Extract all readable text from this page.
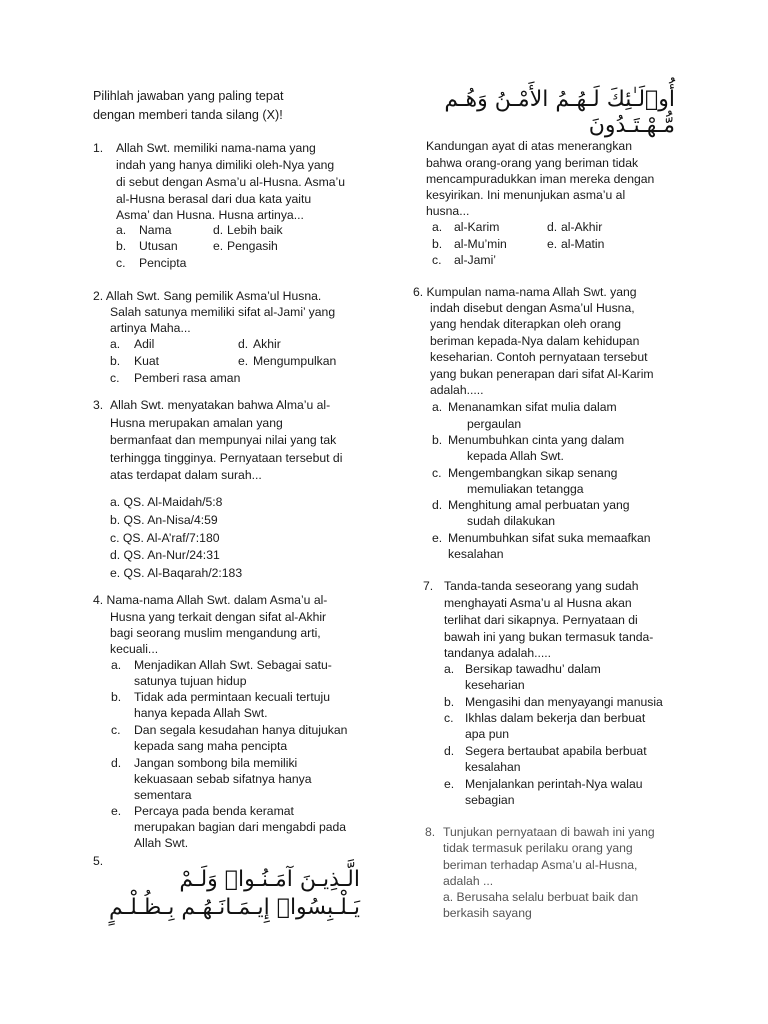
Pilihlah jawaban yang paling tepat
dengan memberi tanda silang (X)!
1. Allah Swt. memiliki nama-nama yang
indah yang hanya dimiliki oleh-Nya yang
di sebut dengan Asma’u al-Husna. Asma’u
al-Husna berasal dari dua kata yaitu
Asma’ dan Husna. Husna artinya...
a. Nama	d. Lebih baik
b. Utusan	e. Pengasih
c. Pencipta
2. Allah Swt. Sang pemilik Asma’ul Husna.
Salah satunya memiliki sifat al-Jami’ yang
artinya Maha...
a. Adil	d. Akhir
b. Kuat	e. Mengumpulkan
c. Pemberi rasa aman
3. Allah Swt. menyatakan bahwa Alma’u al-
Husna merupakan amalan yang
bermanfaat dan mempunyai nilai yang tak
terhingga tingginya. Pernyataan tersebut di
atas terdapat dalam surah...
a. QS. Al-Maidah/5:8
b. QS. An-Nisa/4:59
c. QS. Al-A’raf/7:180
d. QS. An-Nur/24:31
e. QS. Al-Baqarah/2:183
4. Nama-nama Allah Swt. dalam Asma’u al-
Husna yang terkait dengan sifat al-Akhir
bagi seorang muslim mengandung arti,
kecuali...
a. Menjadikan Allah Swt. Sebagai satu-
satunya tujuan hidup
b. Tidak ada permintaan kecuali tertuju
hanya kepada Allah Swt.
c. Dan segala kesudahan hanya ditujukan
kepada sang maha pencipta
d. Jangan sombong bila memiliki
kekuasaan sebab sifatnya hanya
sementara
e. Percaya pada benda keramat
merupakan bagian dari mengabdi pada
Allah Swt.
5.
الَّـذِيـنَ آمَـنُـوا۟ وَلَـمْ
يَـلْـبِسُوا۟ إِيـمَـانَـهُـم بِـظُـلْـمٍ
أُو۟لَـٰئِكَ لَـهُـمُ الأَمْـنُ وَهُـم
مُّـهْـتَـدُونَ
Kandungan ayat di atas menerangkan
bahwa orang-orang yang beriman tidak
mencampuradukkan iman mereka dengan
kesyirikan. Ini menunjukan asma’u al
husna...
a. al-Karim	d. al-Akhir
b. al-Mu’min	e. al-Matin
c. al-Jami’
6. Kumpulan nama-nama Allah Swt. yang
indah disebut dengan Asma’ul Husna,
yang hendak diterapkan oleh orang
beriman kepada-Nya dalam kehidupan
keseharian. Contoh pernyataan tersebut
yang bukan penerapan dari sifat Al-Karim
adalah.....
a. Menanamkan sifat mulia dalam
pergaulan
b. Menumbuhkan cinta yang dalam
kepada Allah Swt.
c. Mengembangkan sikap senang
memuliakan tetangga
d. Menghitung amal perbuatan yang
sudah dilakukan
e. Menumbuhkan sifat suka memaafkan
kesalahan
7. Tanda-tanda seseorang yang sudah
menghayati Asma’u al Husna akan
terlihat dari sikapnya. Pernyataan di
bawah ini yang bukan termasuk tanda-
tandanya adalah.....
a. Bersikap tawadhu’ dalam
keseharian
b. Mengasihi dan menyayangi manusia
c. Ikhlas dalam bekerja dan berbuat
apa pun
d. Segera bertaubat apabila berbuat
kesalahan
e. Menjalankan perintah-Nya walau
sebagian
8. Tunjukan pernyataan di bawah ini yang
tidak termasuk perilaku orang yang
beriman terhadap Asma’u al-Husna,
adalah ...
a. Berusaha selalu berbuat baik dan
berkasih sayang
